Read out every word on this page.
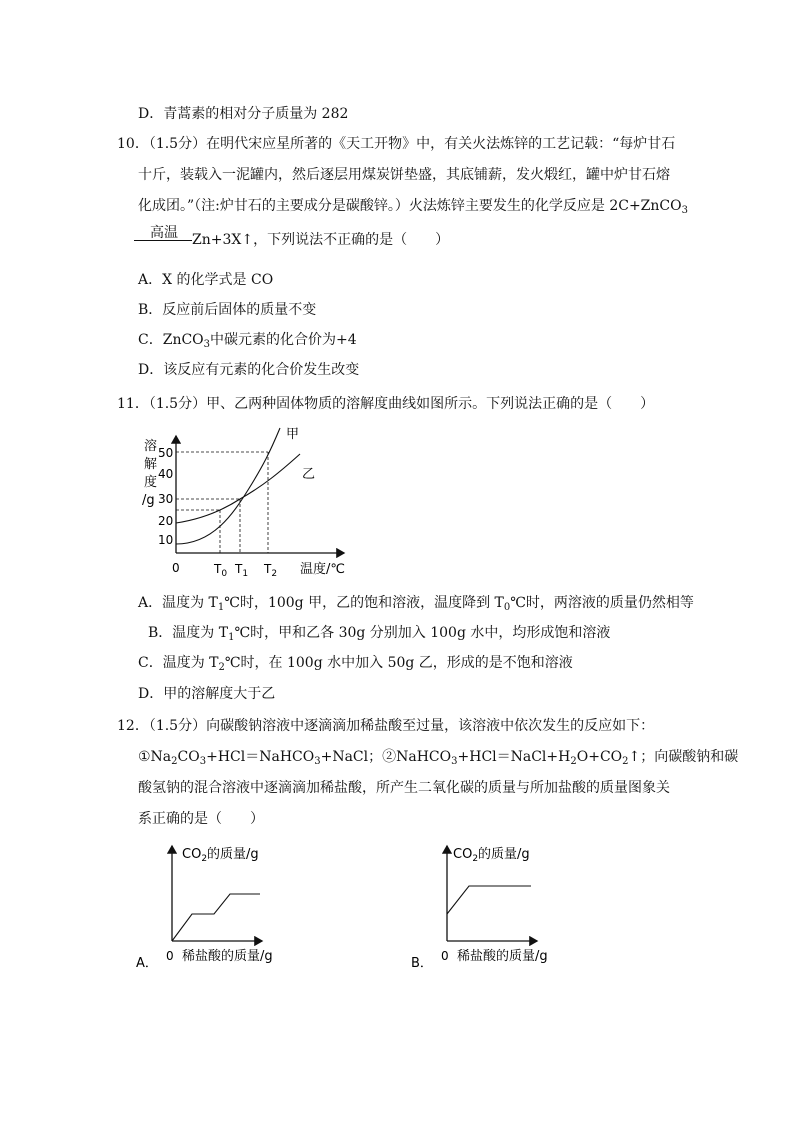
D．青蒿素的相对分子质量为 282
10．（1.5分）在明代宋应星所著的《天工开物》中，有关火法炼锌的工艺记载：“每炉甘石
十斤，装载入一泥罐内，然后逐层用煤炭饼垫盛，其底铺薪，发火煅红，罐中炉甘石熔
化成团。”（注:炉甘石的主要成分是碳酸锌。）火法炼锌主要发生的化学反应是 2C+ZnCO$_3$
高温	Zn+3X↑，下列说法不正确的是（　　）
A．X 的化学式是 CO
B．反应前后固体的质量不变
C．ZnCO$_3$中碳元素的化合价为+4
D．该反应有元素的化合价发生改变
11．（1.5分）甲、乙两种固体物质的溶解度曲线如图所示。下列说法正确的是（　　）
溶
解
度
/g
50
40
30
20
10
0
甲
乙
$T_0$ $T_1$ $T_2$ 温度/℃
A．温度为 $T_1℃$时，100g 甲，乙的饱和溶液，温度降到 $T_0℃$时，两溶液的质量仍然相等
B．温度为 $T_1℃$时，甲和乙各 30g 分别加入 100g 水中，均形成饱和溶液
C．温度为 $T_2℃$时，在 100g 水中加入 50g 乙，形成的是不饱和溶液
D．甲的溶解度大于乙
12．（1.5分）向碳酸钠溶液中逐滴滴加稀盐酸至过量，该溶液中依次发生的反应如下：
$①Na_2CO_3+HCl=NaHCO_3+NaCl$；$②NaHCO_3+HCl=NaCl+H_2O+CO_2↑$；向碳酸钠和碳
酸氢钠的混合溶液中逐滴滴加稀盐酸，所产生二氧化碳的质量与所加盐酸的质量图象关
系正确的是（　　）
$CO_2$的质量/g
A． 0 稀盐酸的质量/g
$CO_2$的质量/g
B． 0 稀盐酸的质量/g
